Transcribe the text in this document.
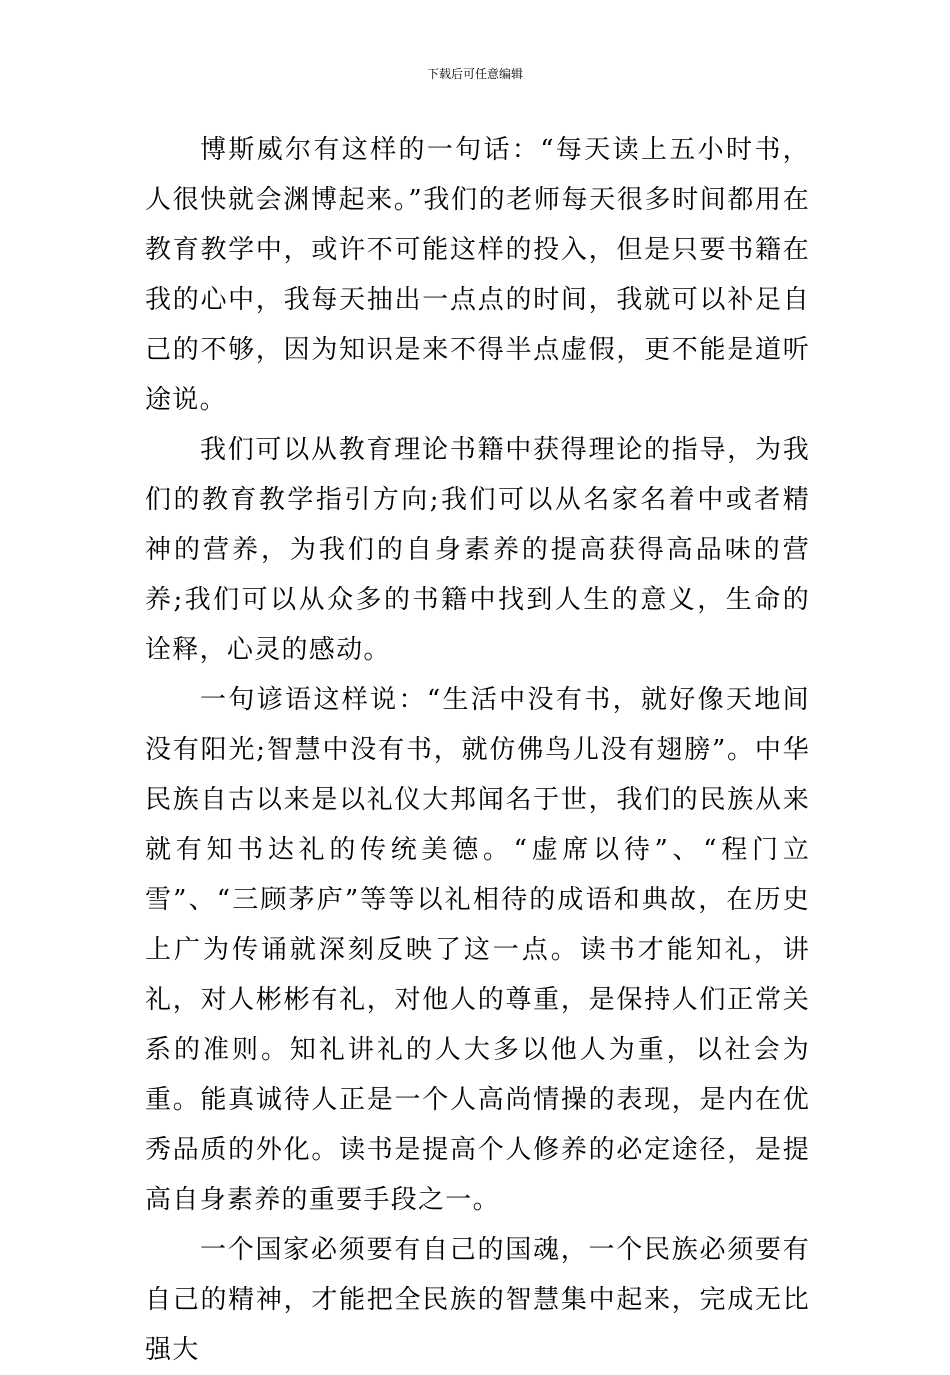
下载后可任意编辑

博斯威尔有这样的一句话：“每天读上五小时书，人很快就会渊博起来。”我们的老师每天很多时间都用在教育教学中，或许不可能这样的投入，但是只要书籍在我的心中，我每天抽出一点点的时间，我就可以补足自己的不够，因为知识是来不得半点虚假，更不能是道听途说。

我们可以从教育理论书籍中获得理论的指导，为我们的教育教学指引方向;我们可以从名家名着中或者精神的营养，为我们的自身素养的提高获得高品味的营养;我们可以从众多的书籍中找到人生的意义，生命的诠释，心灵的感动。

一句谚语这样说：“生活中没有书，就好像天地间没有阳光;智慧中没有书，就仿佛鸟儿没有翅膀”。中华民族自古以来是以礼仪大邦闻名于世，我们的民族从来就有知书达礼的传统美德。“虚席以待”、“程门立雪”、“三顾茅庐”等等以礼相待的成语和典故，在历史上广为传诵就深刻反映了这一点。读书才能知礼，讲礼，对人彬彬有礼，对他人的尊重，是保持人们正常关系的准则。知礼讲礼的人大多以他人为重，以社会为重。能真诚待人正是一个人高尚情操的表现，是内在优秀品质的外化。读书是提高个人修养的必定途径，是提高自身素养的重要手段之一。

一个国家必须要有自己的国魂，一个民族必须要有自己的精神，才能把全民族的智慧集中起来，完成无比强大
